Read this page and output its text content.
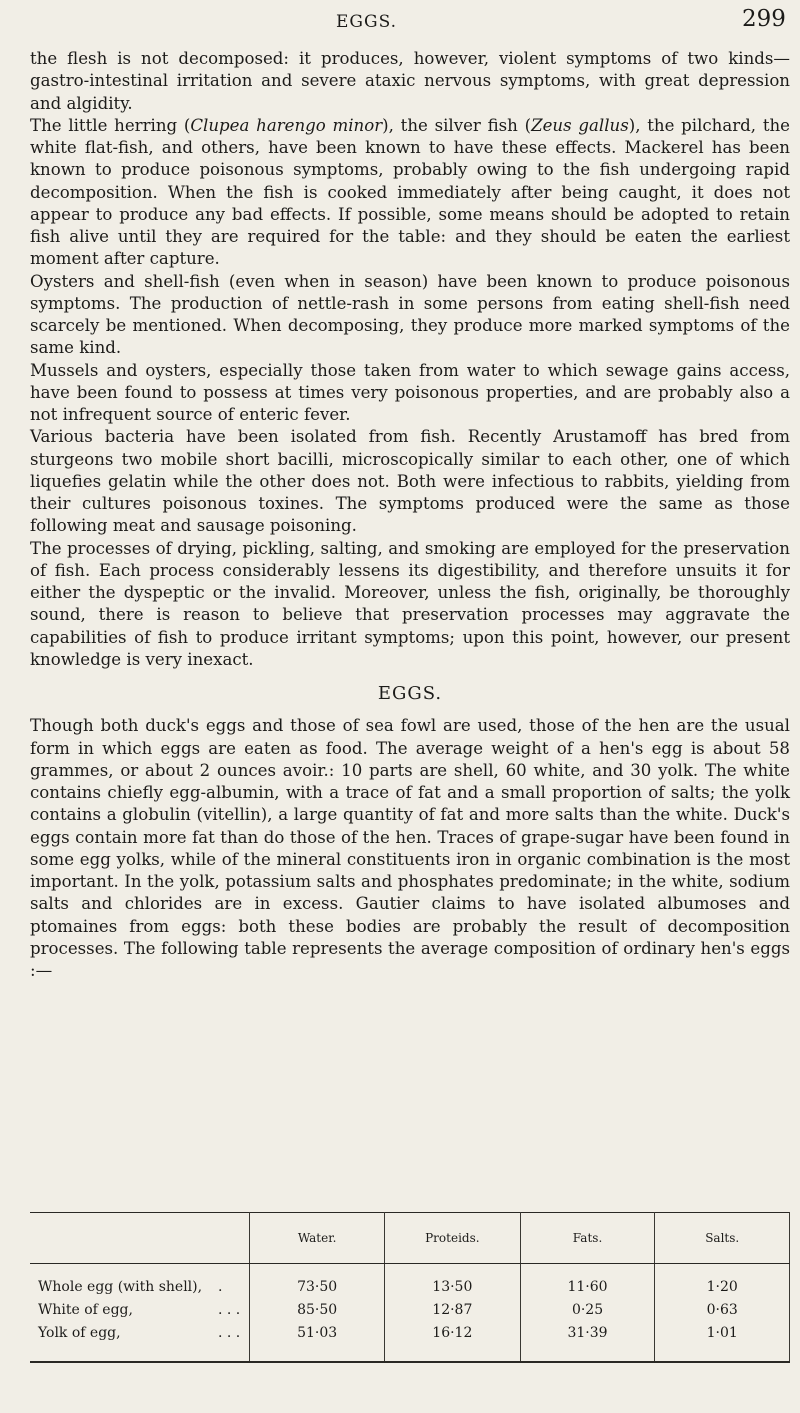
EGGS.	299

the flesh is not decomposed: it produces, however, violent symptoms of two kinds—gastro-intestinal irritation and severe ataxic nervous symptoms, with great depression and algidity.

The little herring (Clupea harengo minor), the silver fish (Zeus gallus), the pilchard, the white flat-fish, and others, have been known to have these effects. Mackerel has been known to produce poisonous symptoms, probably owing to the fish undergoing rapid decomposition. When the fish is cooked immediately after being caught, it does not appear to produce any bad effects. If possible, some means should be adopted to retain fish alive until they are required for the table: and they should be eaten the earliest moment after capture.

Oysters and shell-fish (even when in season) have been known to produce poisonous symptoms. The production of nettle-rash in some persons from eating shell-fish need scarcely be mentioned. When decomposing, they produce more marked symptoms of the same kind.

Mussels and oysters, especially those taken from water to which sewage gains access, have been found to possess at times very poisonous properties, and are probably also a not infrequent source of enteric fever.

Various bacteria have been isolated from fish. Recently Arustamoff has bred from sturgeons two mobile short bacilli, microscopically similar to each other, one of which liquefies gelatin while the other does not. Both were infectious to rabbits, yielding from their cultures poisonous toxines. The symptoms produced were the same as those following meat and sausage poisoning.

The processes of drying, pickling, salting, and smoking are employed for the preservation of fish. Each process considerably lessens its digestibility, and therefore unsuits it for either the dyspeptic or the invalid. Moreover, unless the fish, originally, be thoroughly sound, there is reason to believe that preservation processes may aggravate the capabilities of fish to produce irritant symptoms; upon this point, however, our present knowledge is very inexact.

EGGS.

Though both duck's eggs and those of sea fowl are used, those of the hen are the usual form in which eggs are eaten as food. The average weight of a hen's egg is about 58 grammes, or about 2 ounces avoir.: 10 parts are shell, 60 white, and 30 yolk. The white contains chiefly egg-albumin, with a trace of fat and a small proportion of salts; the yolk contains a globulin (vitellin), a large quantity of fat and more salts than the white. Duck's eggs contain more fat than do those of the hen. Traces of grape-sugar have been found in some egg yolks, while of the mineral constituents iron in organic combination is the most important. In the yolk, potassium salts and phosphates predominate; in the white, sodium salts and chlorides are in excess. Gautier claims to have isolated albumoses and ptomaines from eggs: both these bodies are probably the result of decomposition processes. The following table represents the average composition of ordinary hen's eggs :—

	Water.	Proteids.	Fats.	Salts.
Whole egg (with shell), .	73·50	13·50	11·60	1·20
White of egg, . . .	85·50	12·87	0·25	0·63
Yolk of egg, . . .	51·03	16·12	31·39	1·01
